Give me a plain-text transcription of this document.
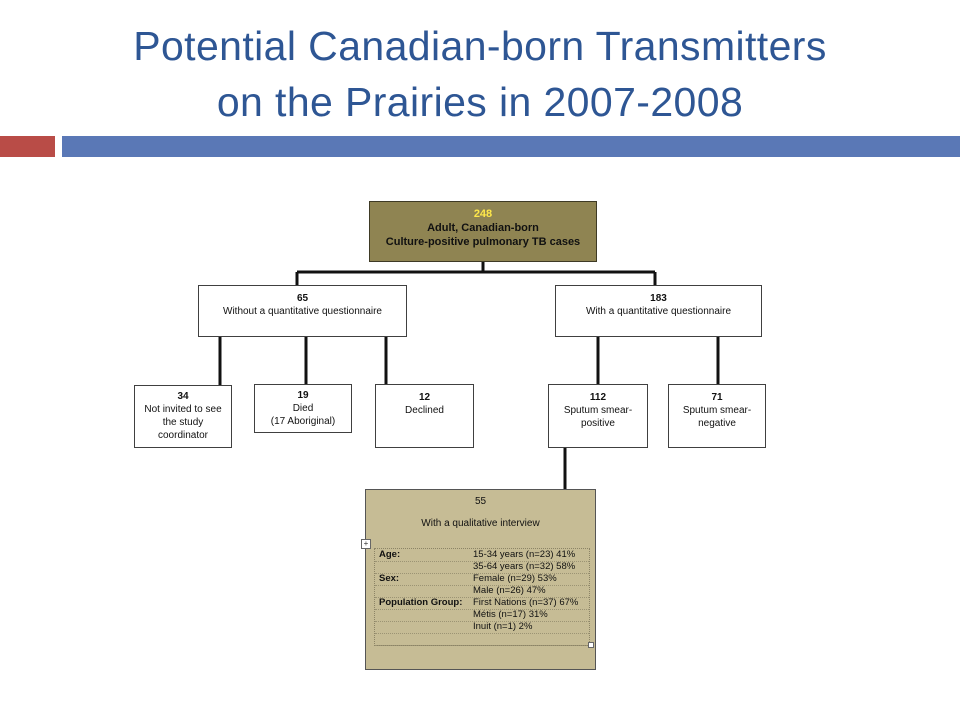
Potential Canadian-born Transmitters
on the Prairies in 2007-2008
248
Adult, Canadian-born
Culture-positive pulmonary TB cases
65
Without a quantitative questionnaire
183
With a quantitative questionnaire
34
Not invited to see
the study
coordinator
19
Died
(17 Aboriginal)
12
Declined
112
Sputum smear-
positive
71
Sputum smear-
negative
55
With a qualitative interview
Age:	15-34 years (n=23) 41%
35-64 years (n=32) 58%
Sex:	Female (n=29) 53%
Male (n=26) 47%
Population Group: First Nations (n=37) 67%
Métis (n=17) 31%
Inuit (n=1) 2%
+
